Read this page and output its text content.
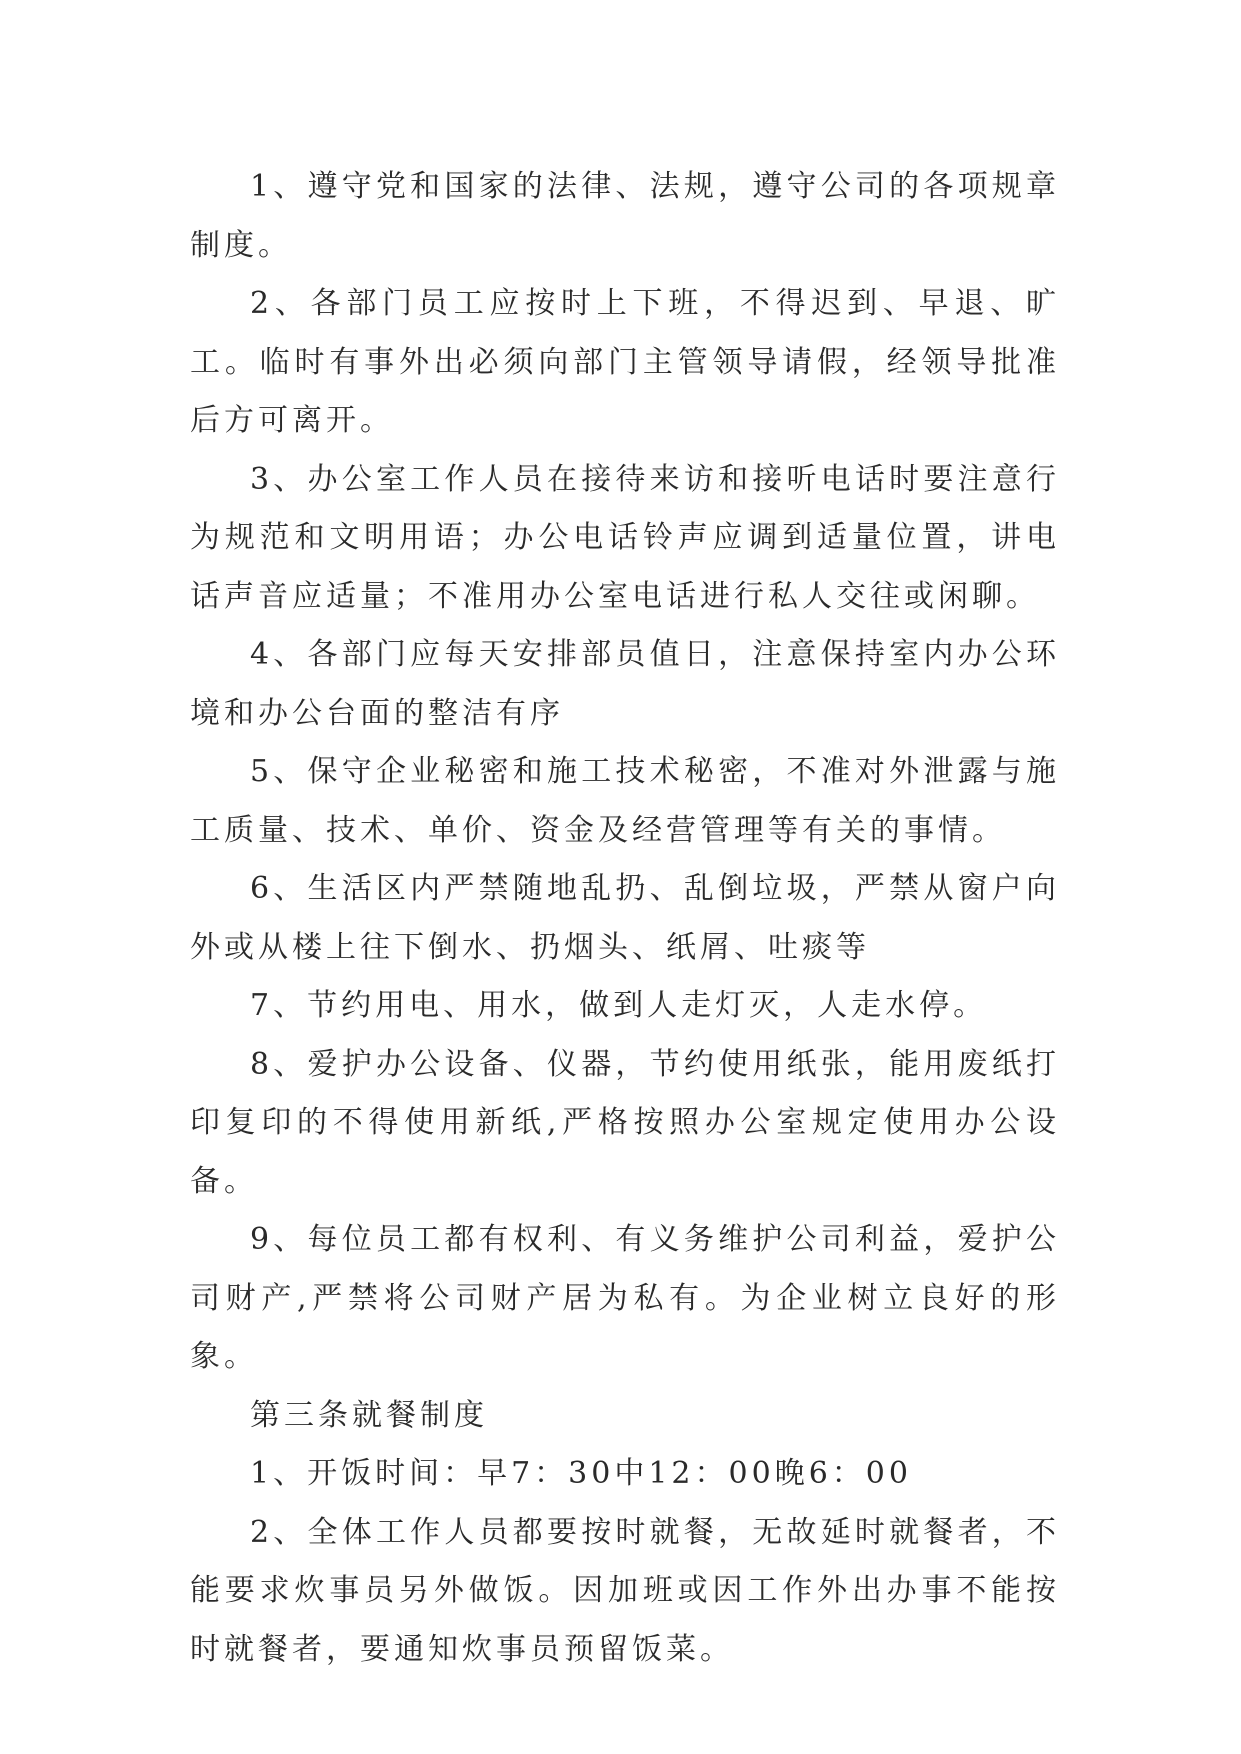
1、遵守党和国家的法律、法规，遵守公司的各项规章制度。

2、各部门员工应按时上下班，不得迟到、早退、旷工。临时有事外出必须向部门主管领导请假，经领导批准后方可离开。

3、办公室工作人员在接待来访和接听电话时要注意行为规范和文明用语；办公电话铃声应调到适量位置，讲电话声音应适量；不准用办公室电话进行私人交往或闲聊。

4、各部门应每天安排部员值日，注意保持室内办公环境和办公台面的整洁有序

5、保守企业秘密和施工技术秘密，不准对外泄露与施工质量、技术、单价、资金及经营管理等有关的事情。

6、生活区内严禁随地乱扔、乱倒垃圾，严禁从窗户向外或从楼上往下倒水、扔烟头、纸屑、吐痰等

7、节约用电、用水，做到人走灯灭，人走水停。

8、爱护办公设备、仪器，节约使用纸张，能用废纸打印复印的不得使用新纸,严格按照办公室规定使用办公设备。

9、每位员工都有权利、有义务维护公司利益，爱护公司财产,严禁将公司财产居为私有。为企业树立良好的形象。

第三条就餐制度

1、开饭时间：早7：30中12：00晚6：00

2、全体工作人员都要按时就餐，无故延时就餐者，不能要求炊事员另外做饭。因加班或因工作外出办事不能按时就餐者，要通知炊事员预留饭菜。
